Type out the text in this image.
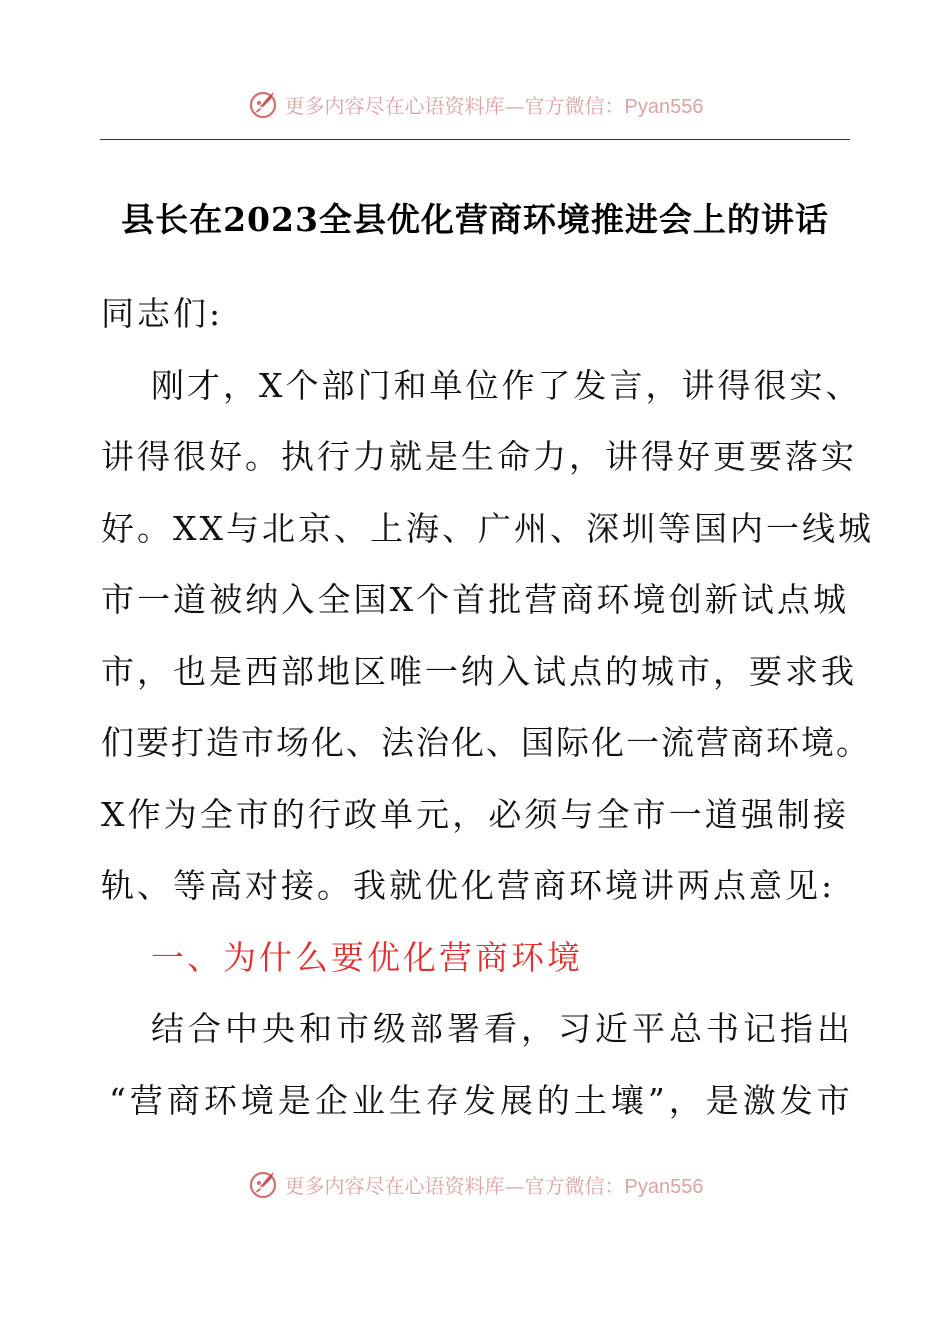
更多内容尽在心语资料库—官方微信：Pyan556
县长在2023全县优化营商环境推进会上的讲话
同志们:
刚才，X个部门和单位作了发言，讲得很实、
讲得很好。执行力就是生命力，讲得好更要落实
好。XX与北京、上海、广州、深圳等国内一线城
市一道被纳入全国X个首批营商环境创新试点城
市，也是西部地区唯一纳入试点的城市，要求我
们要打造市场化、法治化、国际化一流营商环境。
X作为全市的行政单元，必须与全市一道强制接
轨、等高对接。我就优化营商环境讲两点意见:
一、为什么要优化营商环境
结合中央和市级部署看，习近平总书记指出
“营商环境是企业生存发展的土壤”，是激发市
更多内容尽在心语资料库—官方微信：Pyan556
